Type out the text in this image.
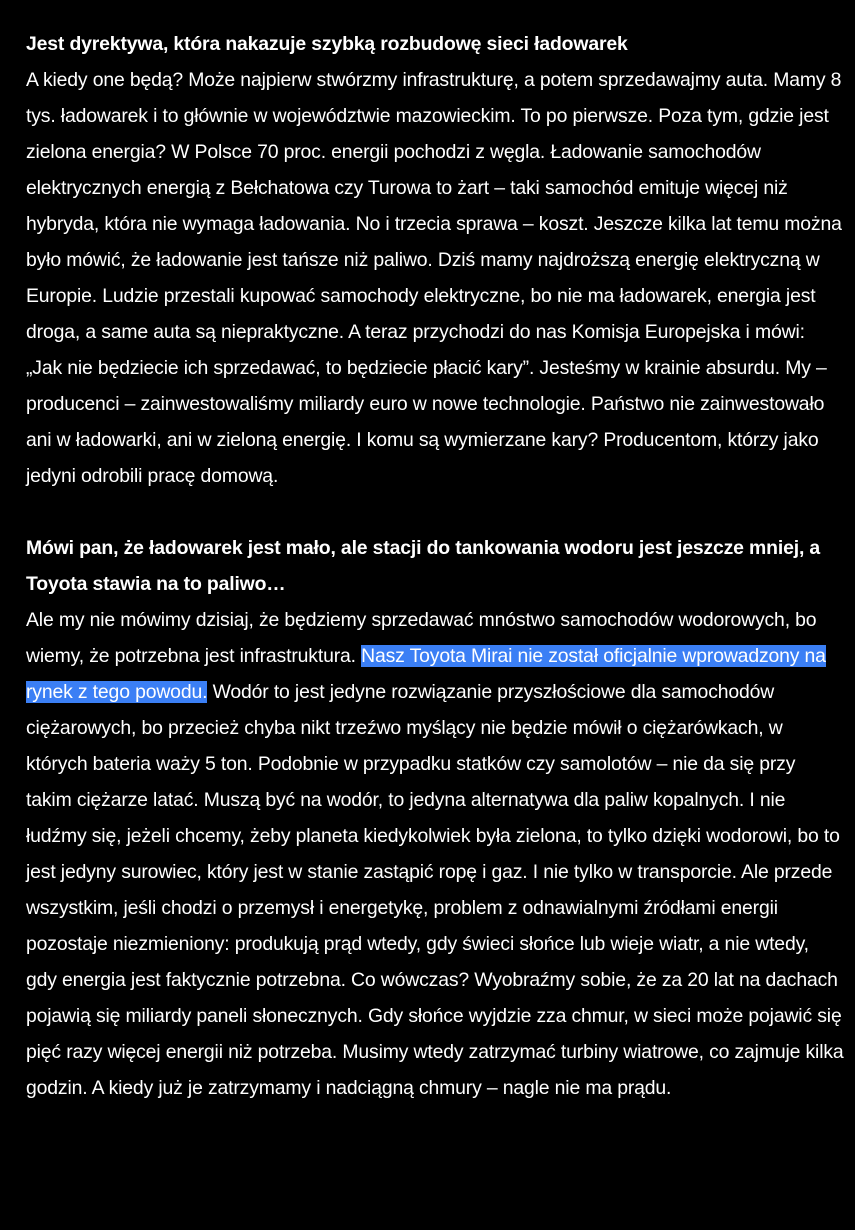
Jest dyrektywa, która nakazuje szybką rozbudowę sieci ładowarek
A kiedy one będą? Może najpierw stwórzmy infrastrukturę, a potem sprzedawajmy auta. Mamy 8 tys. ładowarek i to głównie w województwie mazowieckim. To po pierwsze. Poza tym, gdzie jest zielona energia? W Polsce 70 proc. energii pochodzi z węgla. Ładowanie samochodów elektrycznych energią z Bełchatowa czy Turowa to żart – taki samochód emituje więcej niż hybryda, która nie wymaga ładowania. No i trzecia sprawa – koszt. Jeszcze kilka lat temu można było mówić, że ładowanie jest tańsze niż paliwo. Dziś mamy najdroższą energię elektryczną w Europie. Ludzie przestali kupować samochody elektryczne, bo nie ma ładowarek, energia jest droga, a same auta są niepraktyczne. A teraz przychodzi do nas Komisja Europejska i mówi: „Jak nie będziecie ich sprzedawać, to będziecie płacić kary”. Jesteśmy w krainie absurdu. My – producenci – zainwestowaliśmy miliardy euro w nowe technologie. Państwo nie zainwestowało ani w ładowarki, ani w zieloną energię. I komu są wymierzane kary? Producentom, którzy jako jedyni odrobili pracę domową.

Mówi pan, że ładowarek jest mało, ale stacji do tankowania wodoru jest jeszcze mniej, a Toyota stawia na to paliwo…
Ale my nie mówimy dzisiaj, że będziemy sprzedawać mnóstwo samochodów wodorowych, bo wiemy, że potrzebna jest infrastruktura. Nasz Toyota Mirai nie został oficjalnie wprowadzony na rynek z tego powodu. Wodór to jest jedyne rozwiązanie przyszłościowe dla samochodów ciężarowych, bo przecież chyba nikt trzeźwo myślący nie będzie mówił o ciężarówkach, w których bateria waży 5 ton. Podobnie w przypadku statków czy samolotów – nie da się przy takim ciężarze latać. Muszą być na wodór, to jedyna alternatywa dla paliw kopalnych. I nie łudźmy się, jeżeli chcemy, żeby planeta kiedykolwiek była zielona, to tylko dzięki wodorowi, bo to jest jedyny surowiec, który jest w stanie zastąpić ropę i gaz. I nie tylko w transporcie. Ale przede wszystkim, jeśli chodzi o przemysł i energetykę, problem z odnawialnymi źródłami energii pozostaje niezmieniony: produkują prąd wtedy, gdy świeci słońce lub wieje wiatr, a nie wtedy, gdy energia jest faktycznie potrzebna. Co wówczas? Wyobraźmy sobie, że za 20 lat na dachach pojawią się miliardy paneli słonecznych. Gdy słońce wyjdzie zza chmur, w sieci może pojawić się pięć razy więcej energii niż potrzeba. Musimy wtedy zatrzymać turbiny wiatrowe, co zajmuje kilka godzin. A kiedy już je zatrzymamy i nadciągną chmury – nagle nie ma prądu.
